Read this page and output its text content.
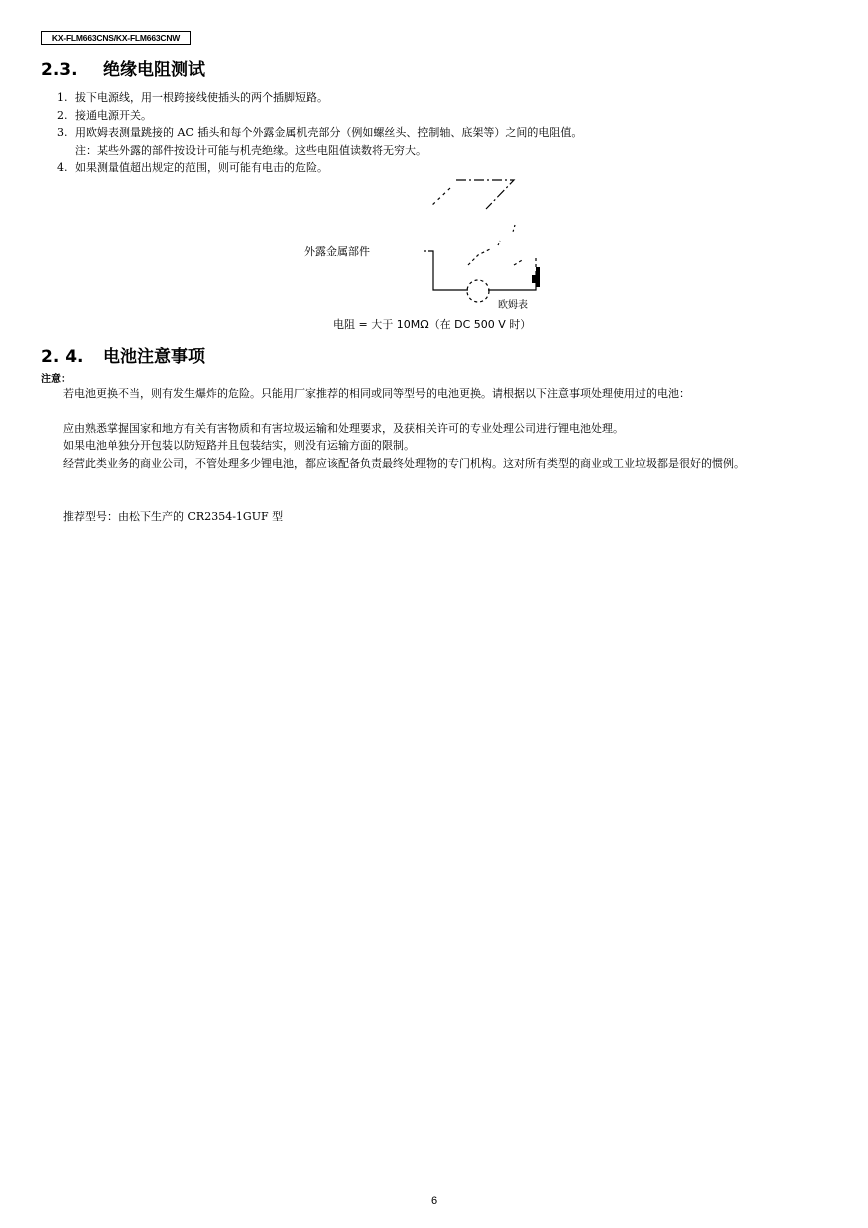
KX-FLM663CNS/KX-FLM663CNW
2.3. 绝缘电阻测试
1. 拔下电源线，用一根跨接线使插头的两个插脚短路。
2. 接通电源开关。
3. 用欧姆表测量跳接的 AC 插头和每个外露金属机壳部分（例如螺丝头、控制轴、底架等）之间的电阻值。
注：某些外露的部件按设计可能与机壳绝缘。这些电阻值读数将无穷大。
4. 如果测量值超出规定的范围，则可能有电击的危险。
外露金属部件
欧姆表
电阻 = 大于 10MΩ（在 DC 500 V 时）
2. 4. 电池注意事项
注意：
若电池更换不当，则有发生爆炸的危险。只能用厂家推荐的相同或同等型号的电池更换。请根据以下注意事项处理使用过的电池：
应由熟悉掌握国家和地方有关有害物质和有害垃圾运输和处理要求，及获相关许可的专业处理公司进行锂电池处理。
如果电池单独分开包装以防短路并且包装结实，则没有运输方面的限制。
经营此类业务的商业公司，不管处理多少锂电池，都应该配备负责最终处理物的专门机构。这对所有类型的商业或工业垃圾都是很好的惯例。
推荐型号：由松下生产的 CR2354-1GUF 型
6
